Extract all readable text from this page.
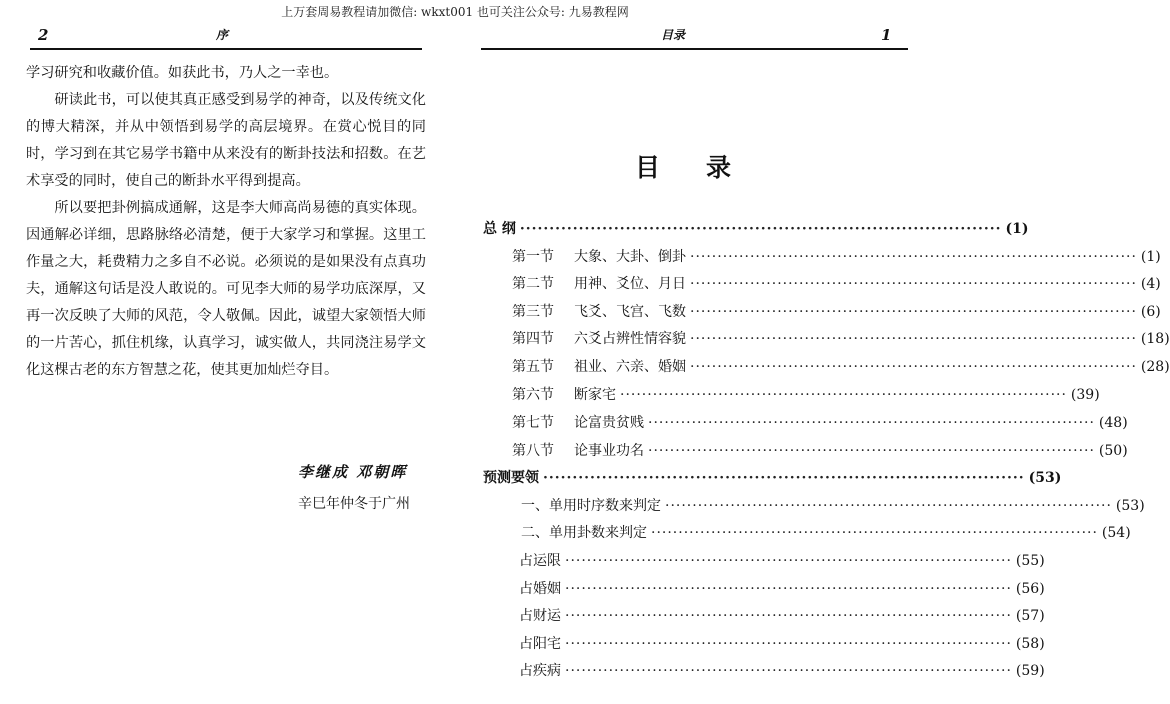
上万套周易教程请加微信: wkxt001 也可关注公众号: 九易教程网
2	序

学习研究和收藏价值。如获此书，乃人之一幸也。

研读此书，可以使其真正感受到易学的神奇，以及传统文化的博大精深，并从中领悟到易学的高层境界。在赏心悦目的同时，学习到在其它易学书籍中从来没有的断卦技法和招数。在艺术享受的同时，使自己的断卦水平得到提高。

所以要把卦例搞成通解，这是李大师高尚易德的真实体现。因通解必详细，思路脉络必清楚，便于大家学习和掌握。这里工作量之大，耗费精力之多自不必说。必须说的是如果没有点真功夫，通解这句话是没人敢说的。可见李大师的易学功底深厚，又再一次反映了大师的风范，令人敬佩。因此，诚望大家领悟大师的一片苦心，抓住机缘，认真学习，诚实做人，共同浇注易学文化这棵古老的东方智慧之花，使其更加灿烂夺目。

李继成 邓朝晖
辛巳年仲冬于广州
目录	1
目录
总 纲 ·················································································· (1)
第一节 大象、大卦、倒卦 ·················································································· (1)
第二节 用神、爻位、月日 ·················································································· (4)
第三节 飞爻、飞宫、飞数 ·················································································· (6)
第四节 六爻占辨性情容貌 ·················································································· (18)
第五节 祖业、六亲、婚姻 ·················································································· (28)
第六节 断家宅 ·················································································· (39)
第七节 论富贵贫贱 ·················································································· (48)
第八节 论事业功名 ·················································································· (50)
预测要领 ·················································································· (53)
一、单用时序数来判定 ·················································································· (53)
二、单用卦数来判定 ·················································································· (54)
占运限 ·················································································· (55)
占婚姻 ·················································································· (56)
占财运 ·················································································· (57)
占阳宅 ·················································································· (58)
占疾病 ·················································································· (59)
